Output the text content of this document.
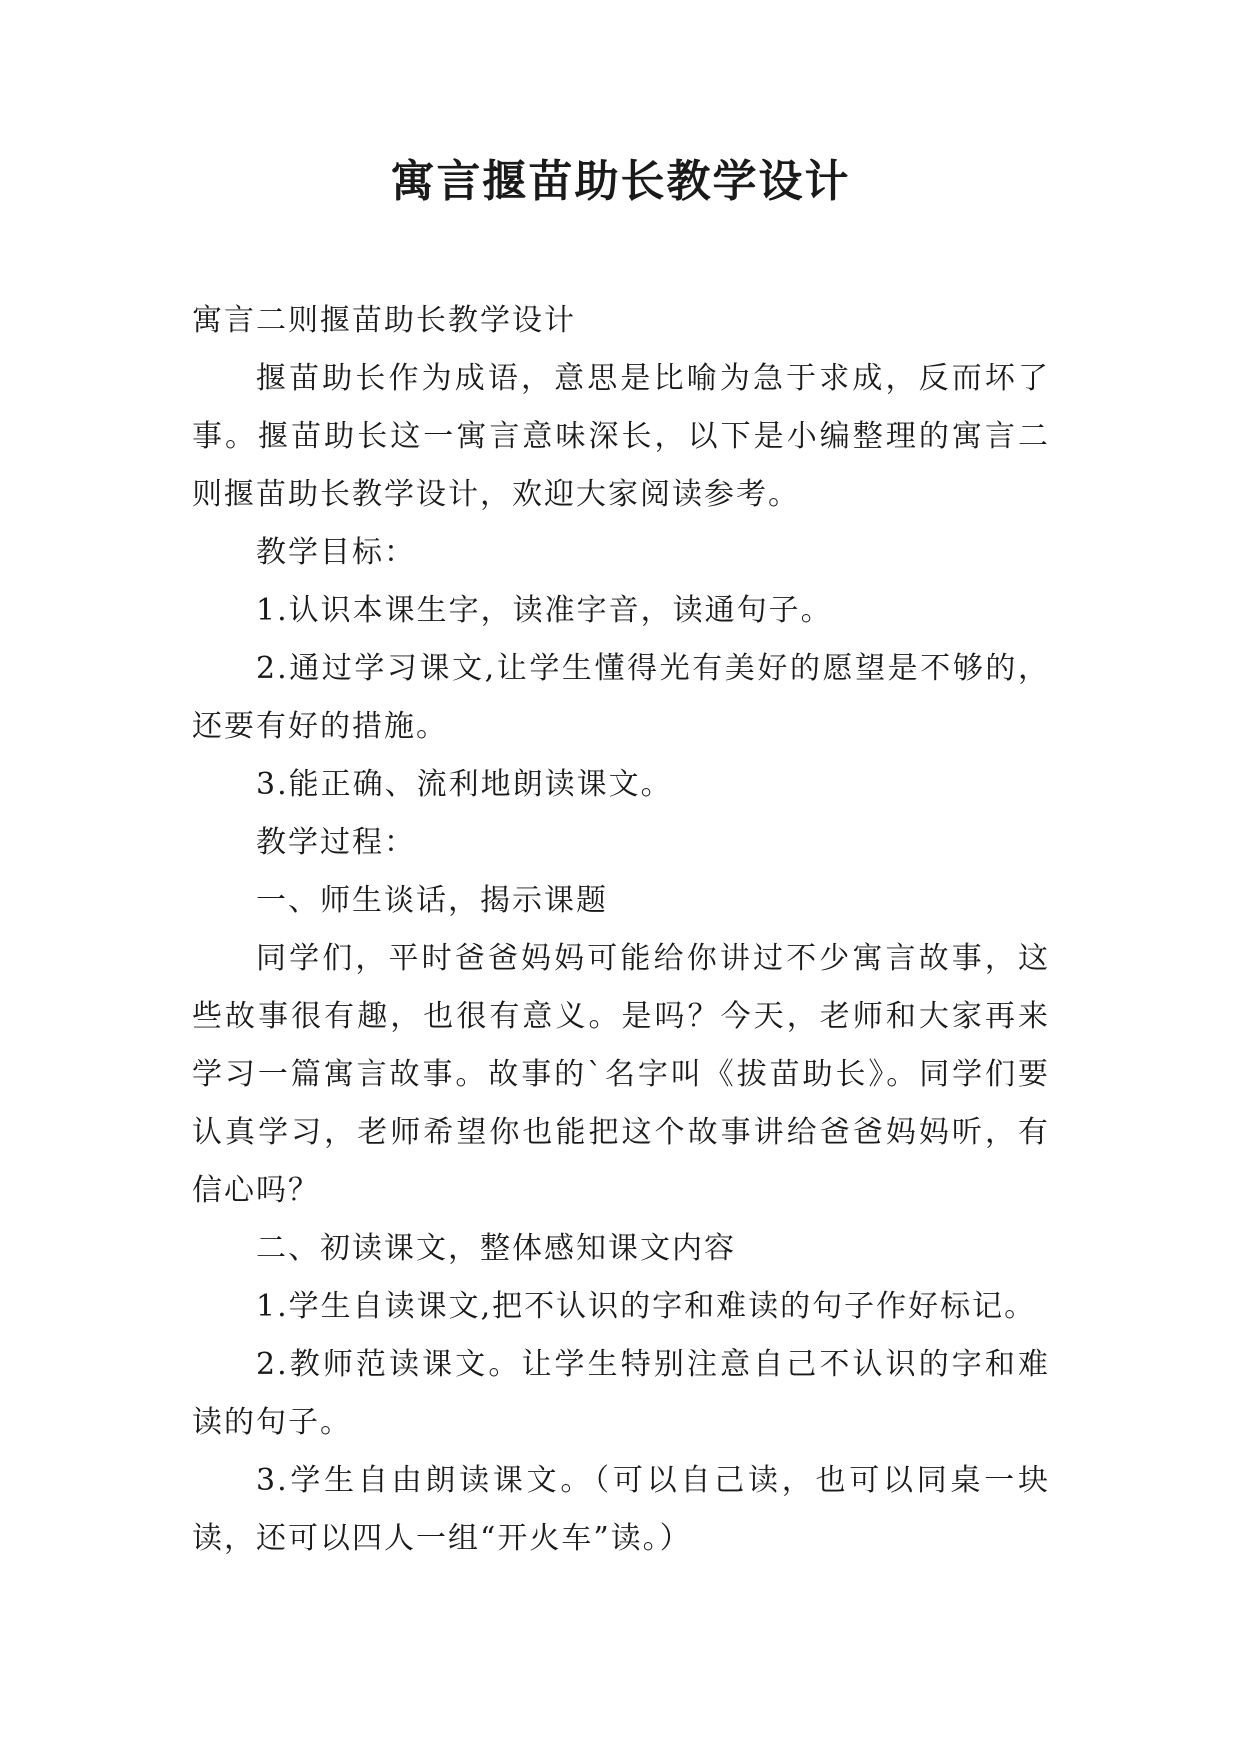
寓言揠苗助长教学设计

寓言二则揠苗助长教学设计

揠苗助长作为成语，意思是比喻为急于求成，反而坏了事。揠苗助长这一寓言意味深长，以下是小编整理的寓言二则揠苗助长教学设计，欢迎大家阅读参考。

教学目标：

1.认识本课生字，读准字音，读通句子。

2.通过学习课文,让学生懂得光有美好的愿望是不够的，还要有好的措施。

3.能正确、流利地朗读课文。

教学过程：

一、师生谈话，揭示课题

同学们，平时爸爸妈妈可能给你讲过不少寓言故事，这些故事很有趣，也很有意义。是吗？今天，老师和大家再来学习一篇寓言故事。故事的`名字叫《拔苗助长》。同学们要认真学习，老师希望你也能把这个故事讲给爸爸妈妈听，有信心吗？

二、初读课文，整体感知课文内容

1.学生自读课文,把不认识的字和难读的句子作好标记。

2.教师范读课文。让学生特别注意自己不认识的字和难读的句子。

3.学生自由朗读课文。（可以自己读，也可以同桌一块读，还可以四人一组“开火车”读。）
